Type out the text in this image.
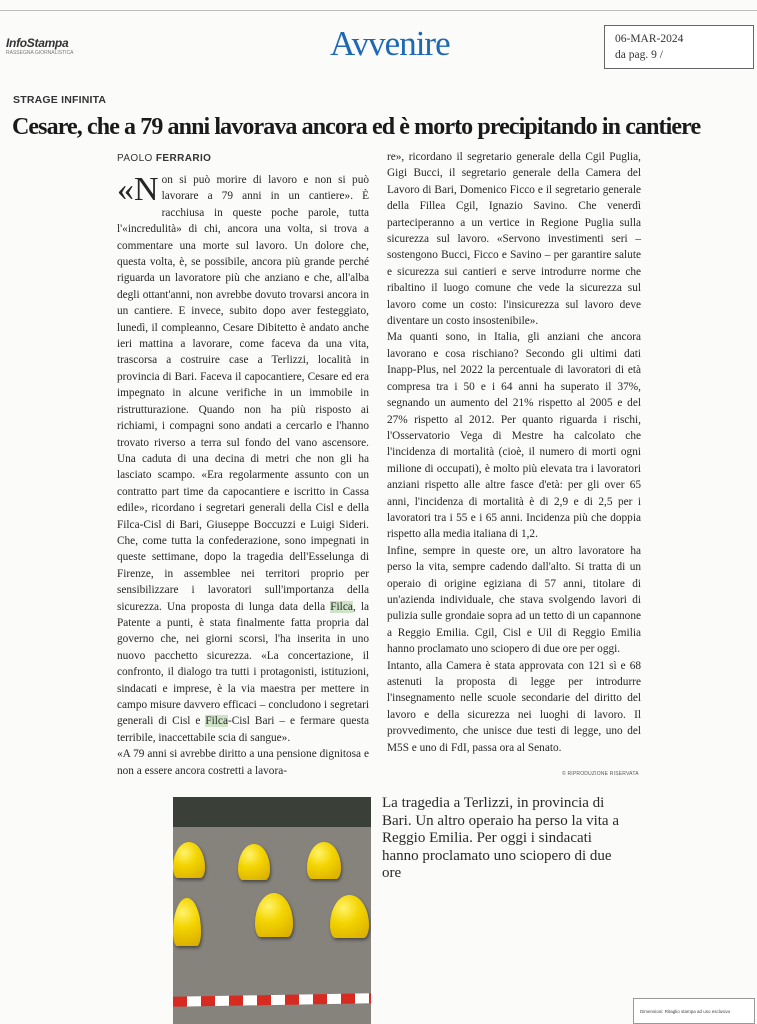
InfoStampa
RASSEGNA GIORNALISTICA	Avvenire	06-MAR-2024
da pag. 9 /
STRAGE INFINITA
Cesare, che a 79 anni lavorava ancora ed è morto precipitando in cantiere
PAOLO FERRARIO

«N on si può morire di lavoro e non si può lavorare a 79 anni in un cantiere». È racchiusa in queste poche parole, tutta l'«incredulità» di chi, ancora una volta, si trova a commentare una morte sul lavoro. Un dolore che, questa volta, è, se possibile, ancora più grande perché riguarda un lavoratore più che anziano e che, all'alba degli ottant'anni, non avrebbe dovuto trovarsi ancora in un cantiere. E invece, subito dopo aver festeggiato, lunedì, il compleanno, Cesare Dibitetto è andato anche ieri mattina a lavorare, come faceva da una vita, trascorsa a costruire case a Terlizzi, località in provincia di Bari. Faceva il capocantiere, Cesare ed era impegnato in alcune verifiche in un immobile in ristrutturazione. Quando non ha più risposto ai richiami, i compagni sono andati a cercarlo e l'hanno trovato riverso a terra sul fondo del vano ascensore. Una caduta di una decina di metri che non gli ha lasciato scampo. «Era regolarmente assunto con un contratto part time da capocantiere e iscritto in Cassa edile», ricordano i segretari generali della Cisl e della Filca-Cisl di Bari, Giuseppe Boccuzzi e Luigi Sideri. Che, come tutta la confederazione, sono impegnati in queste settimane, dopo la tragedia dell'Esselunga di Firenze, in assemblee nei territori proprio per sensibilizzare i lavoratori sull'importanza della sicurezza. Una proposta di lunga data della Filca, la Patente a punti, è stata finalmente fatta propria dal governo che, nei giorni scorsi, l'ha inserita in uno nuovo pacchetto sicurezza. «La concertazione, il confronto, il dialogo tra tutti i protagonisti, istituzioni, sindacati e imprese, è la via maestra per mettere in campo misure davvero efficaci – concludono i segretari generali di Cisl e Filca-Cisl Bari – e fermare questa terribile, inaccettabile scia di sangue».

«A 79 anni si avrebbe diritto a una pensione dignitosa e non a essere ancora costretti a lavora-

re», ricordano il segretario generale della Cgil Puglia, Gigi Bucci, il segretario generale della Camera del Lavoro di Bari, Domenico Ficco e il segretario generale della Fillea Cgil, Ignazio Savino. Che venerdì parteciperanno a un vertice in Regione Puglia sulla sicurezza sul lavoro. «Servono investimenti seri – sostengono Bucci, Ficco e Savino – per garantire salute e sicurezza sui cantieri e serve introdurre norme che ribaltino il luogo comune che vede la sicurezza sul lavoro come un costo: l'insicurezza sul lavoro deve diventare un costo insostenibile».

Ma quanti sono, in Italia, gli anziani che ancora lavorano e cosa rischiano? Secondo gli ultimi dati Inapp-Plus, nel 2022 la percentuale di lavoratori di età compresa tra i 50 e i 64 anni ha superato il 37%, segnando un aumento del 21% rispetto al 2005 e del 27% rispetto al 2012. Per quanto riguarda i rischi, l'Osservatorio Vega di Mestre ha calcolato che l'incidenza di mortalità (cioè, il numero di morti ogni milione di occupati), è molto più elevata tra i lavoratori anziani rispetto alle altre fasce d'età: per gli over 65 anni, l'incidenza di mortalità è di 2,9 e di 2,5 per i lavoratori tra i 55 e i 65 anni. Incidenza più che doppia rispetto alla media italiana di 1,2.

Infine, sempre in queste ore, un altro lavoratore ha perso la vita, sempre cadendo dall'alto. Si tratta di un operaio di origine egiziana di 57 anni, titolare di un'azienda individuale, che stava svolgendo lavori di pulizia sulle grondaie sopra ad un tetto di un capannone a Reggio Emilia. Cgil, Cisl e Uil di Reggio Emilia hanno proclamato uno sciopero di due ore per oggi.

Intanto, alla Camera è stata approvata con 121 sì e 68 astenuti la proposta di legge per introdurre l'insegnamento nelle scuole secondarie del diritto del lavoro e della sicurezza nei luoghi di lavoro. Il provvedimento, che unisce due testi di legge, uno del M5S e uno di FdI, passa ora al Senato.

© RIPRODUZIONE RISERVATA
La tragedia a Terlizzi, in provincia di Bari. Un altro operaio ha perso la vita a Reggio Emilia. Per oggi i sindacati hanno proclamato uno sciopero di due ore
Dimensioni: Ritaglio stampa ad uso esclusivo
